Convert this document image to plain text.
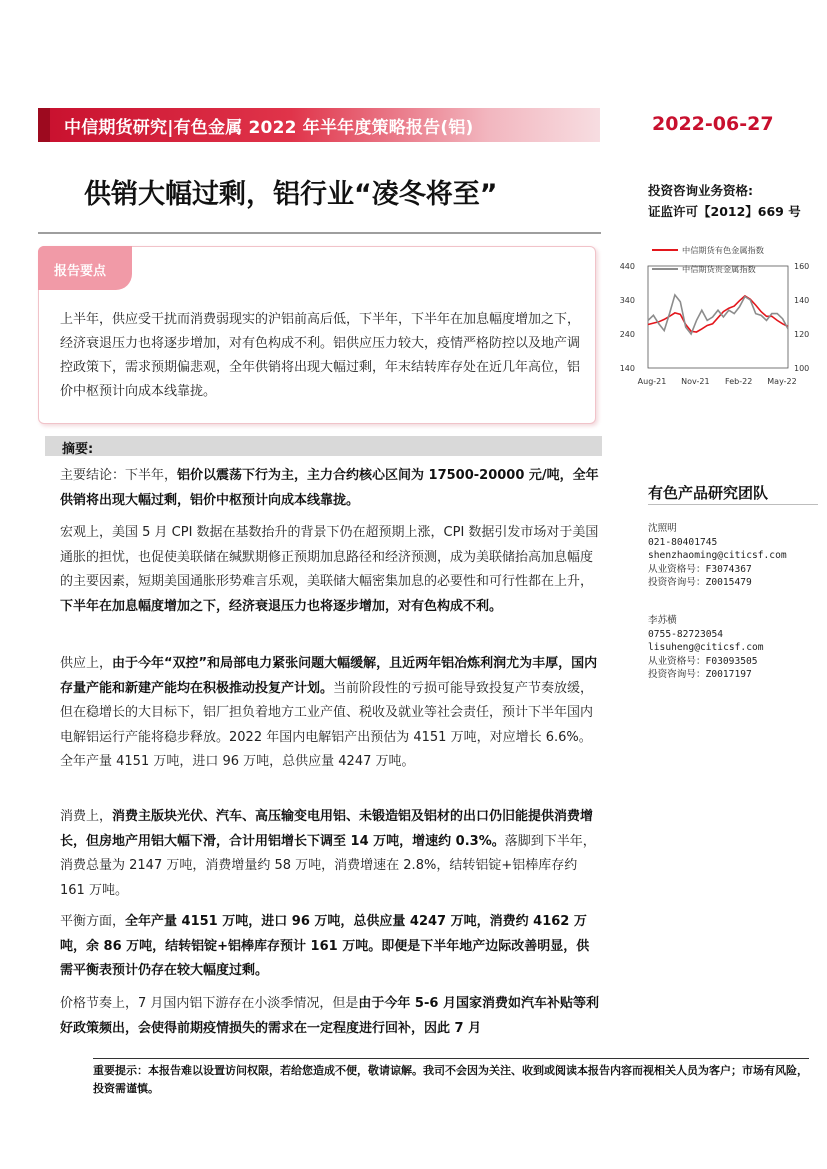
中信期货研究|有色金属 2022 年半年度策略报告(铝)	2022-06-27
供销大幅过剩，铝行业“凌冬将至”	投资咨询业务资格:
证监许可【2012】669 号
中信期货有色金属指数
中信期货贵金属指数
140
240
340
440
100
120
140
160
Aug-21 Nov-21 Feb-22 May-22
报告要点
上半年，供应受干扰而消费弱现实的沪铝前高后低，下半年，下半年在加息幅度增加之下，经济衰退压力也将逐步增加，对有色构成不利。铝供应压力较大，疫情严格防控以及地产调控政策下，需求预期偏悲观，全年供销将出现大幅过剩，年末结转库存处在近几年高位，铝价中枢预计向成本线靠拢。
摘要:
主要结论：下半年，铝价以震荡下行为主，主力合约核心区间为 17500-20000 元/吨，全年供销将出现大幅过剩，铝价中枢预计向成本线靠拢。
宏观上，美国 5 月 CPI 数据在基数抬升的背景下仍在超预期上涨，CPI 数据引发市场对于美国通胀的担忧，也促使美联储在缄默期修正预期加息路径和经济预测，成为美联储抬高加息幅度的主要因素，短期美国通胀形势难言乐观，美联储大幅密集加息的必要性和可行性都在上升，下半年在加息幅度增加之下，经济衰退压力也将逐步增加，对有色构成不利。
供应上，由于今年“双控”和局部电力紧张问题大幅缓解，且近两年铝冶炼利润尤为丰厚，国内存量产能和新建产能均在积极推动投复产计划。当前阶段性的亏损可能导致投复产节奏放缓，但在稳增长的大目标下，铝厂担负着地方工业产值、税收及就业等社会责任，预计下半年国内电解铝运行产能将稳步释放。2022 年国内电解铝产出预估为 4151 万吨，对应增长 6.6%。全年产量 4151 万吨，进口 96 万吨，总供应量 4247 万吨。
消费上，消费主版块光伏、汽车、高压输变电用铝、未锻造铝及铝材的出口仍旧能提供消费增长，但房地产用铝大幅下滑，合计用铝增长下调至 14 万吨，增速约 0.3%。落脚到下半年，消费总量为 2147 万吨，消费增量约 58 万吨，消费增速在 2.8%，结转铝锭+铝棒库存约 161 万吨。
平衡方面，全年产量 4151 万吨，进口 96 万吨，总供应量 4247 万吨，消费约 4162 万吨，余 86 万吨，结转铝锭+铝棒库存预计 161 万吨。即便是下半年地产边际改善明显，供需平衡表预计仍存在较大幅度过剩。
价格节奏上，7 月国内铝下游存在小淡季情况，但是由于今年 5-6 月国家消费如汽车补贴等利好政策频出，会使得前期疫情损失的需求在一定程度进行回补，因此 7 月
有色产品研究团队
沈照明
021-80401745
shenzhaoming@citicsf.com
从业资格号：F3074367
投资咨询号：Z0015479
李苏横
0755-82723054
lisuheng@citicsf.com
从业资格号：F03093505
投资咨询号：Z0017197
重要提示：本报告难以设置访问权限，若给您造成不便，敬请谅解。我司不会因为关注、收到或阅读本报告内容而视相关人员为客户；市场有风险，投资需谨慎。
